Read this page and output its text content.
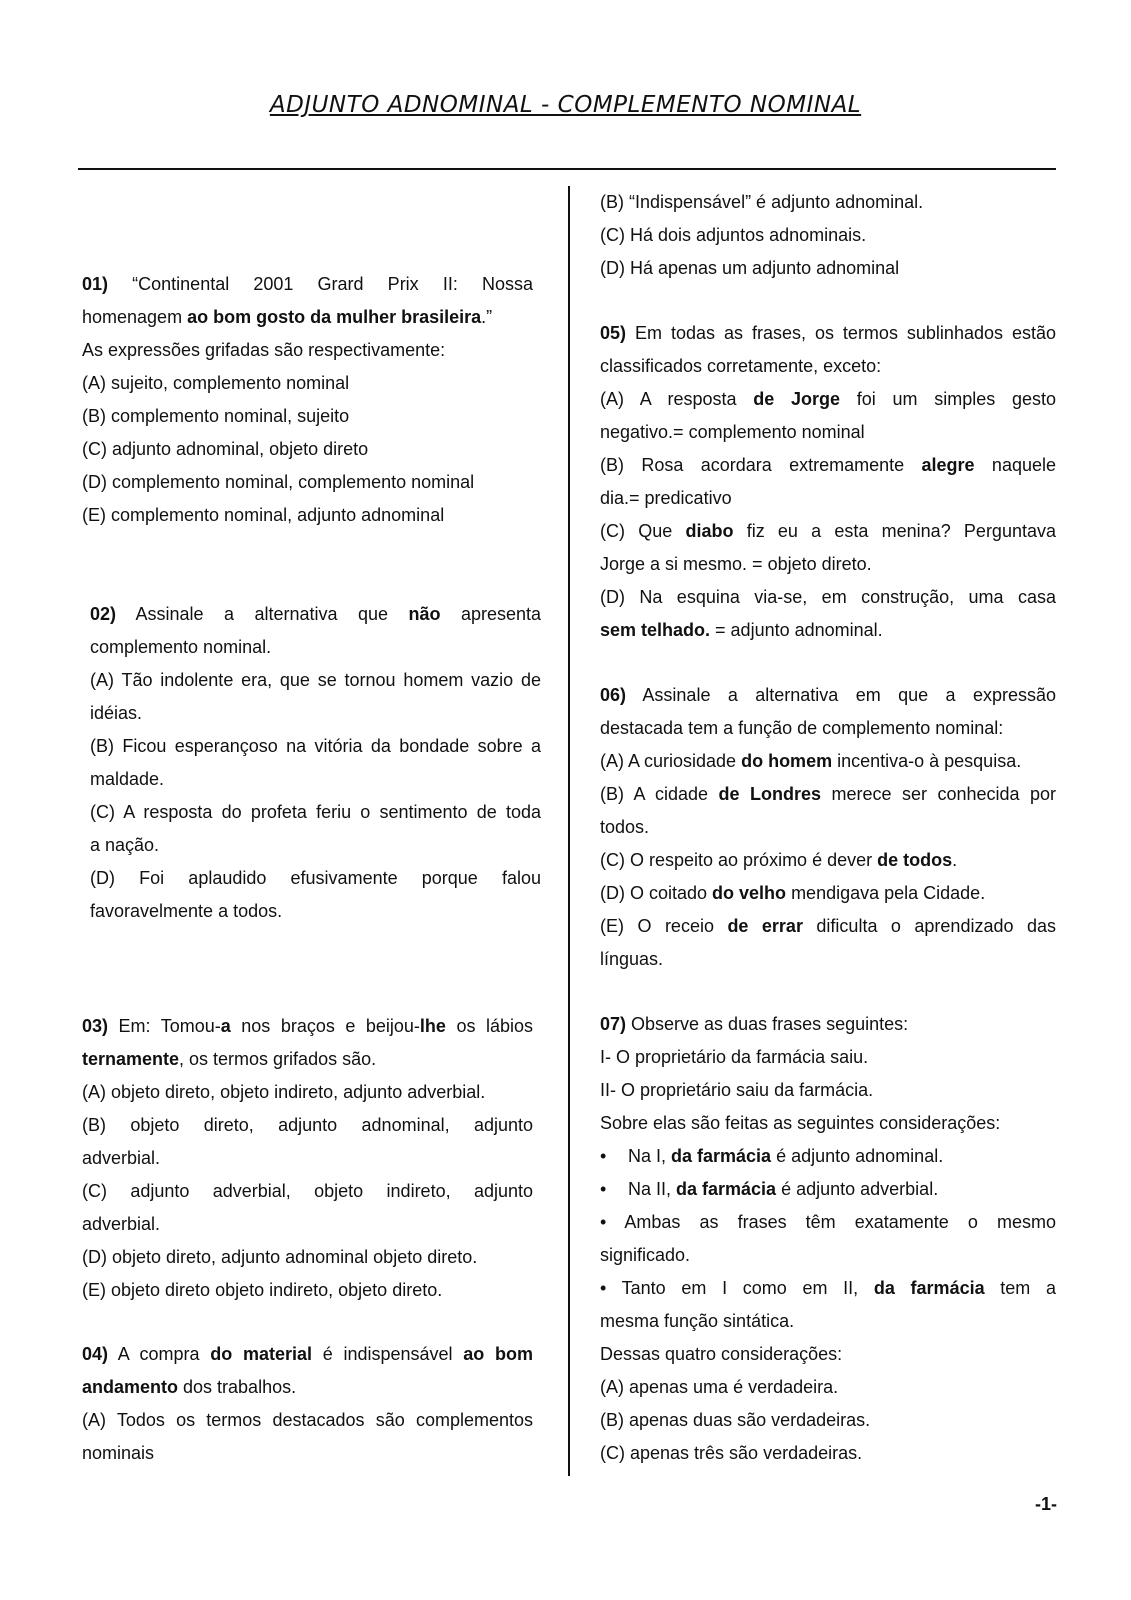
ADJUNTO ADNOMINAL - COMPLEMENTO NOMINAL

01) “Continental 2001 Grard Prix II: Nossa

homenagem ao bom gosto da mulher brasileira.”

As expressões grifadas são respectivamente:

(A) sujeito, complemento nominal

(B) complemento nominal, sujeito

(C) adjunto adnominal, objeto direto

(D) complemento nominal, complemento nominal

(E) complemento nominal, adjunto adnominal

02) Assinale a alternativa que não apresenta

complemento nominal.

(A) Tão indolente era, que se tornou homem vazio de

idéias.

(B) Ficou esperançoso na vitória da bondade sobre a

maldade.

(C) A resposta do profeta feriu o sentimento de toda

a nação.

(D) Foi aplaudido efusivamente porque falou

favoravelmente a todos.

03) Em: Tomou-a nos braços e beijou-lhe os lábios

ternamente, os termos grifados são.

(A) objeto direto, objeto indireto, adjunto adverbial.

(B) objeto direto, adjunto adnominal, adjunto

adverbial.

(C) adjunto adverbial, objeto indireto, adjunto

adverbial.

(D) objeto direto, adjunto adnominal objeto direto.

(E) objeto direto objeto indireto, objeto direto.

04) A compra do material é indispensável ao bom

andamento dos trabalhos.

(A) Todos os termos destacados são complementos

nominais

(B) “Indispensável” é adjunto adnominal.

(C) Há dois adjuntos adnominais.

(D) Há apenas um adjunto adnominal

05) Em todas as frases, os termos sublinhados estão

classificados corretamente, exceto:

(A) A resposta de Jorge foi um simples gesto

negativo.= complemento nominal

(B) Rosa acordara extremamente alegre naquele

dia.= predicativo

(C) Que diabo fiz eu a esta menina? Perguntava

Jorge a si mesmo. = objeto direto.

(D) Na esquina via-se, em construção, uma casa

sem telhado. = adjunto adnominal.

06) Assinale a alternativa em que a expressão

destacada tem a função de complemento nominal:

(A) A curiosidade do homem incentiva-o à pesquisa.

(B) A cidade de Londres merece ser conhecida por

todos.

(C) O respeito ao próximo é dever de todos.

(D) O coitado do velho mendigava pela Cidade.

(E) O receio de errar dificulta o aprendizado das

línguas.

07) Observe as duas frases seguintes:

I- O proprietário da farmácia saiu.

II- O proprietário saiu da farmácia.

Sobre elas são feitas as seguintes considerações:

•	Na I, da farmácia é adjunto adnominal.

•	Na II, da farmácia é adjunto adverbial.

• Ambas as frases têm exatamente o mesmo

significado.

• Tanto em I como em II, da farmácia tem a

mesma função sintática.

Dessas quatro considerações:

(A) apenas uma é verdadeira.

(B) apenas duas são verdadeiras.

(C) apenas três são verdadeiras.

-1-
